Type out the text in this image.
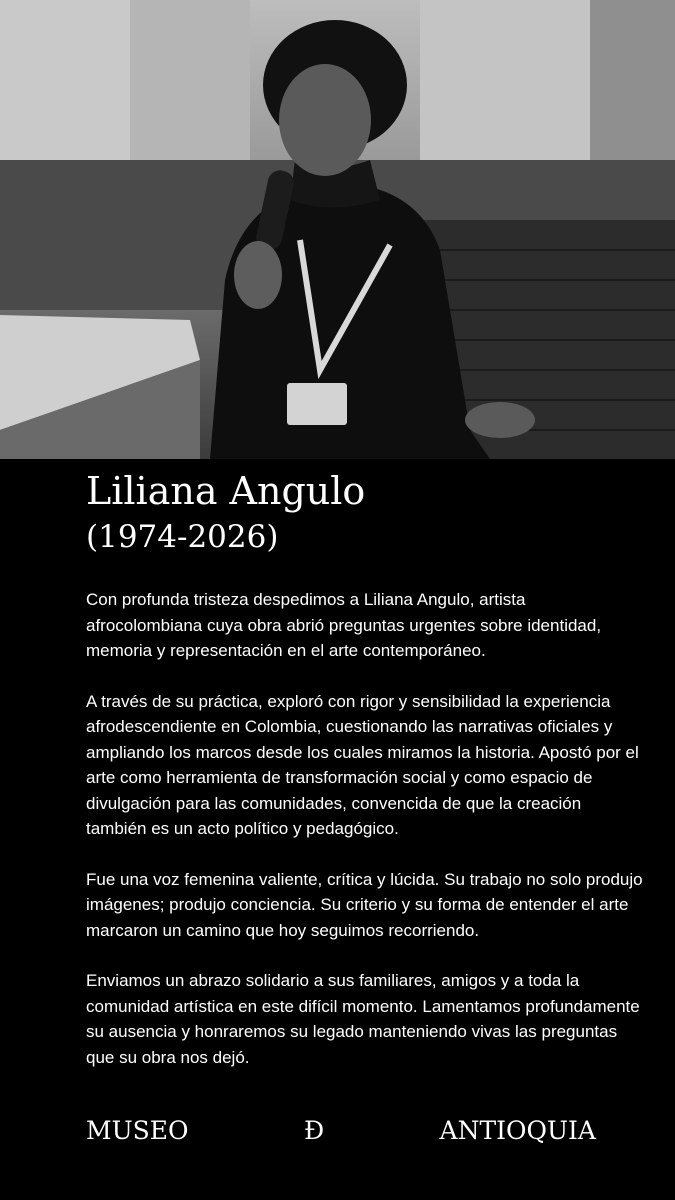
Liliana Angulo
(1974-2026)

Con profunda tristeza despedimos a Liliana Angulo, artista afrocolombiana cuya obra abrió preguntas urgentes sobre identidad, memoria y representación en el arte contemporáneo.

A través de su práctica, exploró con rigor y sensibilidad la experiencia afrodescendiente en Colombia, cuestionando las narrativas oficiales y ampliando los marcos desde los cuales miramos la historia. Apostó por el arte como herramienta de transformación social y como espacio de divulgación para las comunidades, convencida de que la creación también es un acto político y pedagógico.

Fue una voz femenina valiente, crítica y lúcida. Su trabajo no solo produjo imágenes; produjo conciencia. Su criterio y su forma de entender el arte marcaron un camino que hoy seguimos recorriendo.

Enviamos un abrazo solidario a sus familiares, amigos y a toda la comunidad artística en este difícil momento. Lamentamos profundamente su ausencia y honraremos su legado manteniendo vivas las preguntas que su obra nos dejó.

MUSEO	Đ	ANTIOQUIA
